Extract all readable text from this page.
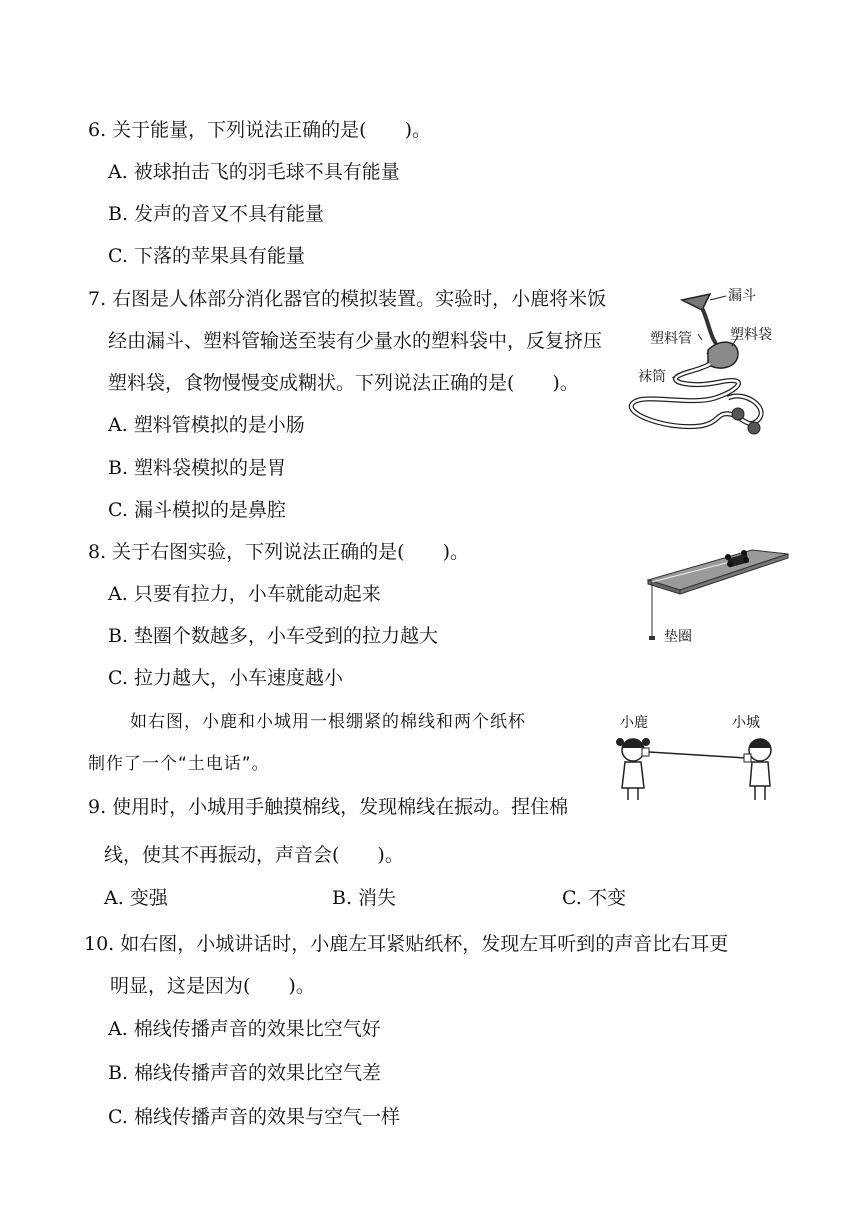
6. 关于能量，下列说法正确的是(　　)。
A. 被球拍击飞的羽毛球不具有能量
B. 发声的音叉不具有能量
C. 下落的苹果具有能量
7. 右图是人体部分消化器官的模拟装置。实验时，小鹿将米饭
经由漏斗、塑料管输送至装有少量水的塑料袋中，反复挤压
塑料袋，食物慢慢变成糊状。下列说法正确的是(　　)。
A. 塑料管模拟的是小肠
B. 塑料袋模拟的是胃
C. 漏斗模拟的是鼻腔
漏斗
塑料管	塑料袋
袜筒
8. 关于右图实验，下列说法正确的是(　　)。
A. 只要有拉力，小车就能动起来
B. 垫圈个数越多，小车受到的拉力越大
C. 拉力越大，小车速度越小
垫圈
如右图，小鹿和小城用一根绷紧的棉线和两个纸杯
制作了一个“土电话”。
小鹿	小城
9. 使用时，小城用手触摸棉线，发现棉线在振动。捏住棉
线，使其不再振动，声音会(　　)。
A. 变强	B. 消失	C. 不变
10. 如右图，小城讲话时，小鹿左耳紧贴纸杯，发现左耳听到的声音比右耳更
明显，这是因为(　　)。
A. 棉线传播声音的效果比空气好
B. 棉线传播声音的效果比空气差
C. 棉线传播声音的效果与空气一样
